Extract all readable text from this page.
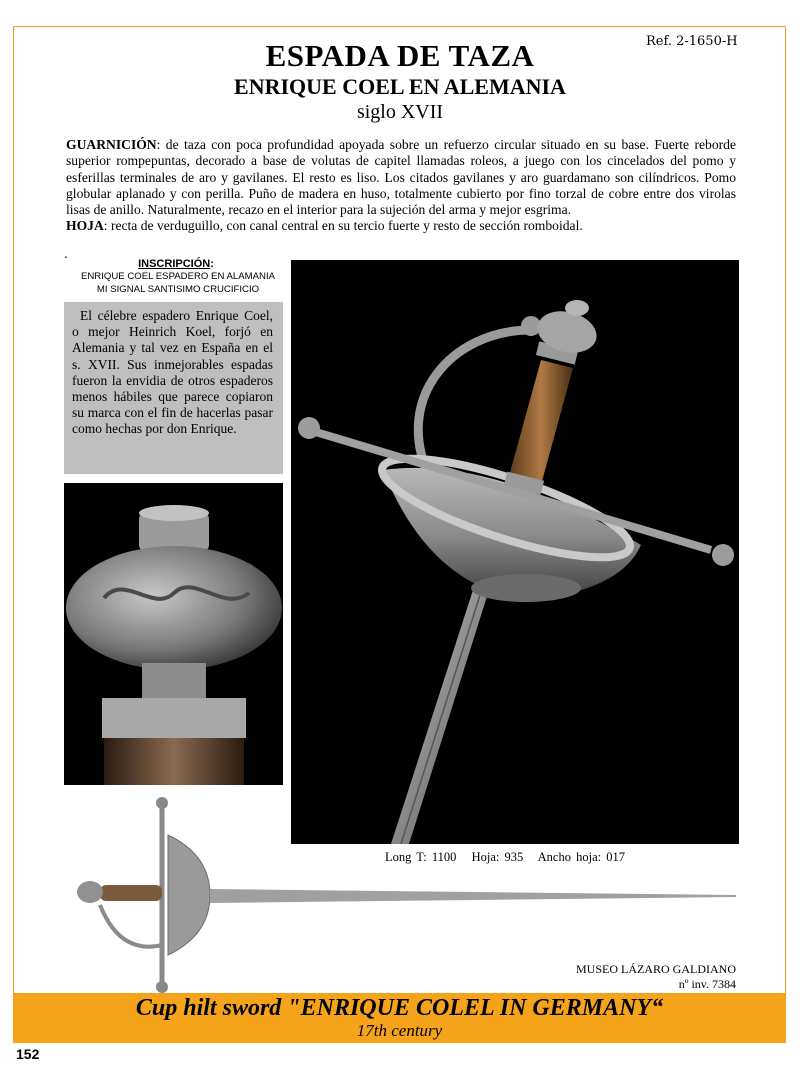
Ref. 2-1650-H
ESPADA DE TAZA
ENRIQUE COEL EN ALEMANIA
siglo XVII

GUARNICIÓN: de taza con poca profundidad apoyada sobre un refuerzo circular situado en su base. Fuerte reborde superior rompepuntas, decorado a base de volutas de capitel llamadas roleos, a juego con los cincelados del pomo y esferillas terminales de aro y gavilanes. El resto es liso. Los citados gavilanes y aro guardamano son cilíndricos. Pomo globular aplanado y con perilla. Puño de madera en huso, totalmente cubierto por fino torzal de cobre entre dos virolas lisas de anillo. Naturalmente, recazo en el interior para la sujeción del arma y mejor esgrima.

HOJA: recta de verduguillo, con canal central en su tercio fuerte y resto de sección romboidal.

.
INSCRIPCIÓN:
ENRIQUE COEL ESPADERO EN ALAMANIA
MI SIGNAL SANTISIMO CRUCIFICIO
El célebre espadero Enrique Coel, o mejor Heinrich Koel, forjó en Alemania y tal vez en España en el s. XVII. Sus inmejorables espadas fueron la envidia de otros espaderos menos hábiles que parece copiaron su marca con el fin de hacerlas pasar como hechas por don Enrique.
Long T: 1100 Hoja: 935 Ancho hoja: 017
MUSEO LÁZARO GALDIANO
nº inv. 7384
Cup hilt sword "ENRIQUE COLEL IN GERMANY“
17th century
152
